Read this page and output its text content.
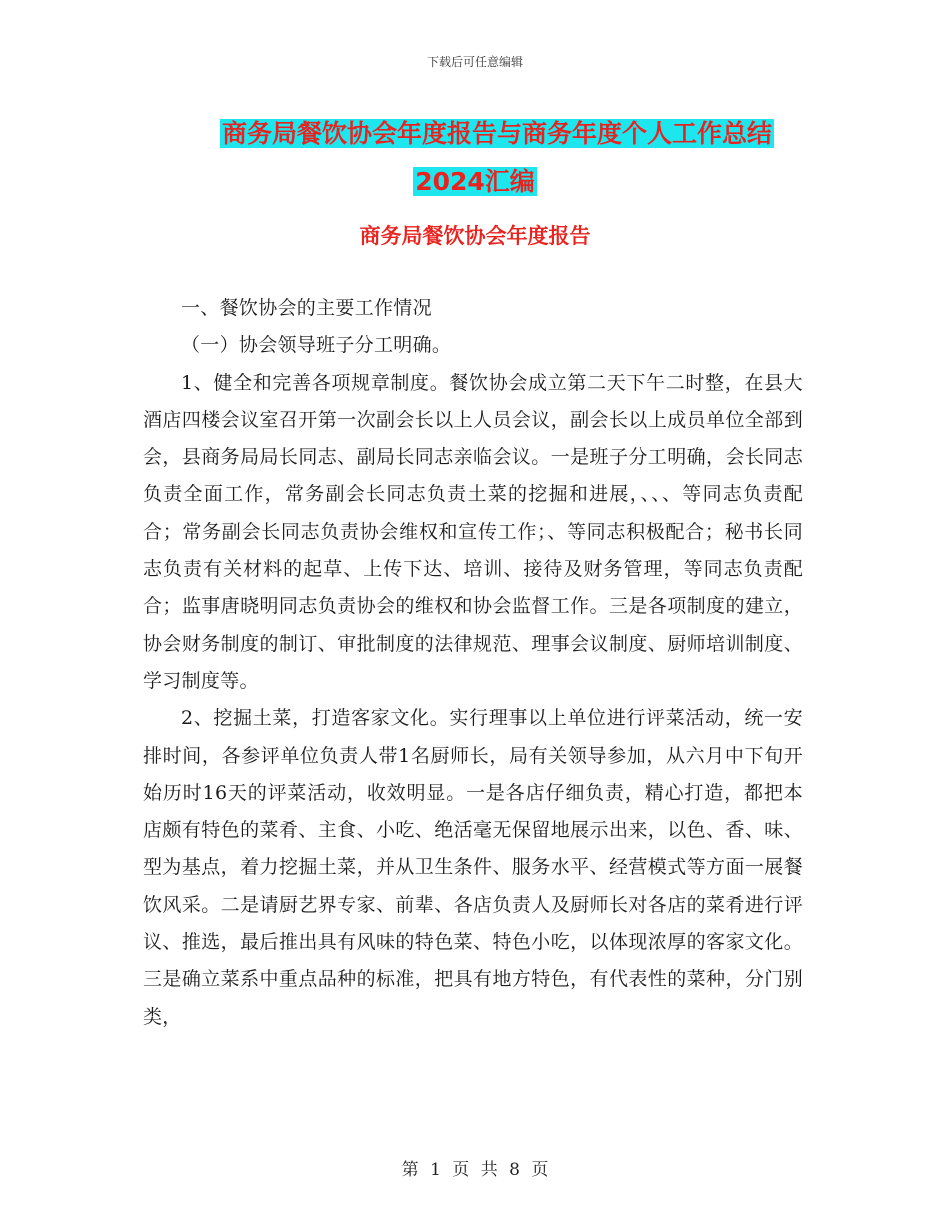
下载后可任意编辑
商务局餐饮协会年度报告与商务年度个人工作总结
2024汇编
商务局餐饮协会年度报告

一、餐饮协会的主要工作情况

（一）协会领导班子分工明确。

1、健全和完善各项规章制度。餐饮协会成立第二天下午二时整，在县大酒店四楼会议室召开第一次副会长以上人员会议，副会长以上成员单位全部到会，县商务局局长同志、副局长同志亲临会议。一是班子分工明确，会长同志负责全面工作，常务副会长同志负责土菜的挖掘和进展，、、、等同志负责配合；常务副会长同志负责协会维权和宣传工作；、等同志积极配合；秘书长同志负责有关材料的起草、上传下达、培训、接待及财务管理，等同志负责配合；监事唐晓明同志负责协会的维权和协会监督工作。三是各项制度的建立，协会财务制度的制订、审批制度的法律规范、理事会议制度、厨师培训制度、学习制度等。

2、挖掘土菜，打造客家文化。实行理事以上单位进行评菜活动，统一安排时间，各参评单位负责人带1名厨师长，局有关领导参加，从六月中下旬开始历时16天的评菜活动，收效明显。一是各店仔细负责，精心打造，都把本店颇有特色的菜肴、主食、小吃、绝活毫无保留地展示出来，以色、香、味、型为基点，着力挖掘土菜，并从卫生条件、服务水平、经营模式等方面一展餐饮风采。二是请厨艺界专家、前辈、各店负责人及厨师长对各店的菜肴进行评议、推选，最后推出具有风味的特色菜、特色小吃，以体现浓厚的客家文化。三是确立菜系中重点品种的标准，把具有地方特色，有代表性的菜种，分门别类，

第 1 页 共 8 页
